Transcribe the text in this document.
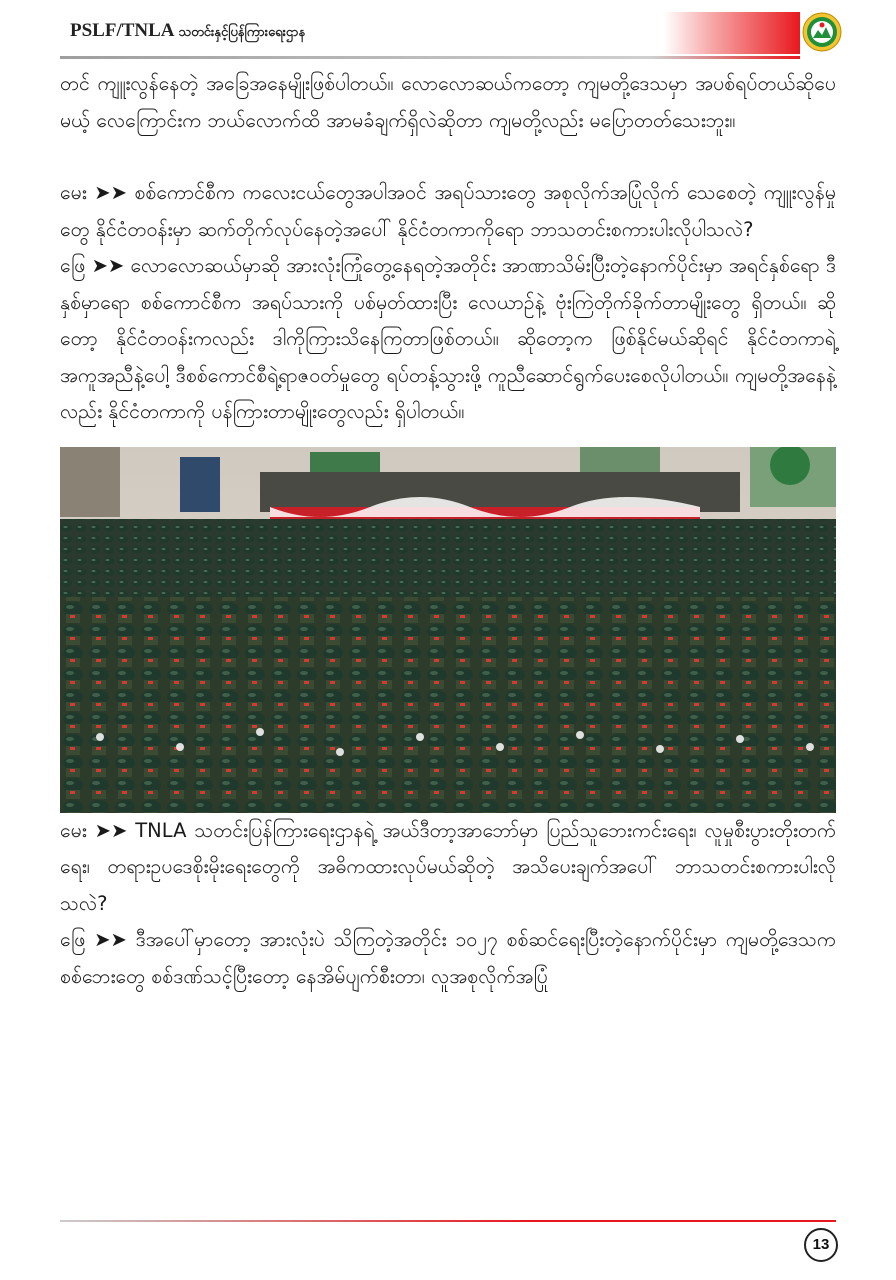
PSLF/TNLA သတင်းနှင့်ပြန်ကြားရေးဌာန

တင် ကျူးလွန်နေတဲ့ အခြေအနေမျိုးဖြစ်ပါတယ်။ လောလောဆယ်ကတော့ ကျမတို့ဒေသမှာ အပစ်ရပ်တယ်ဆိုပေမယ့် လေကြောင်းက ဘယ်လောက်ထိ အာမခံချက်ရှိလဲဆိုတာ ကျမတို့လည်း မပြောတတ်သေးဘူး။

မေး ➤➤ စစ်ကောင်စီက ကလေးငယ်တွေအပါအဝင် အရပ်သားတွေ အစုလိုက်အပြုံလိုက် သေစေတဲ့ ကျူးလွန်မှုတွေ နိုင်ငံတဝန်းမှာ ဆက်တိုက်လုပ်နေတဲ့အပေါ် နိုင်ငံတကာကိုရော ဘာသတင်းစကားပါးလိုပါသလဲ?

ဖြေ ➤➤ လောလောဆယ်မှာဆို အားလုံးကြုံတွေ့နေရတဲ့အတိုင်း အာဏာသိမ်းပြီးတဲ့နောက်ပိုင်းမှာ အရင်နှစ်ရော ဒီနှစ်မှာရော စစ်ကောင်စီက အရပ်သားကို ပစ်မှတ်ထားပြီး လေယာဉ်နဲ့ ဗုံးကြဲတိုက်ခိုက်တာမျိုးတွေ ရှိတယ်။ ဆိုတော့ နိုင်ငံတဝန်းကလည်း ဒါကိုကြားသိနေကြတာဖြစ်တယ်။ ဆိုတော့က ဖြစ်နိုင်မယ်ဆိုရင် နိုင်ငံတကာရဲ့ အကူအညီနဲ့ပေါ့ ဒီစစ်ကောင်စီရဲ့ရာဇဝတ်မှုတွေ ရပ်တန့်သွားဖို့ ကူညီဆောင်ရွက်ပေးစေလိုပါတယ်။ ကျမတို့အနေနဲ့လည်း နိုင်ငံတကာကို ပန်ကြားတာမျိုးတွေလည်း ရှိပါတယ်။

မေး ➤➤ TNLA သတင်းပြန်ကြားရေးဌာနရဲ့ အယ်ဒီတာ့အာဘော်မှာ ပြည်သူဘေးကင်းရေး၊ လူမှုစီးပွားတိုးတက်ရေး၊ တရားဥပဒေစိုးမိုးရေးတွေကို အဓိကထားလုပ်မယ်ဆိုတဲ့ အသိပေးချက်အပေါ် ဘာသတင်းစကားပါးလိုသလဲ?

ဖြေ ➤➤ ဒီအပေါ်မှာတော့ အားလုံးပဲ သိကြတဲ့အတိုင်း ၁၀၂၇ စစ်ဆင်ရေးပြီးတဲ့နောက်ပိုင်းမှာ ကျမတို့ဒေသက စစ်ဘေးတွေ စစ်ဒဏ်သင့်ပြီးတော့ နေအိမ်ပျက်စီးတာ၊ လူအစုလိုက်အပြုံ

13
